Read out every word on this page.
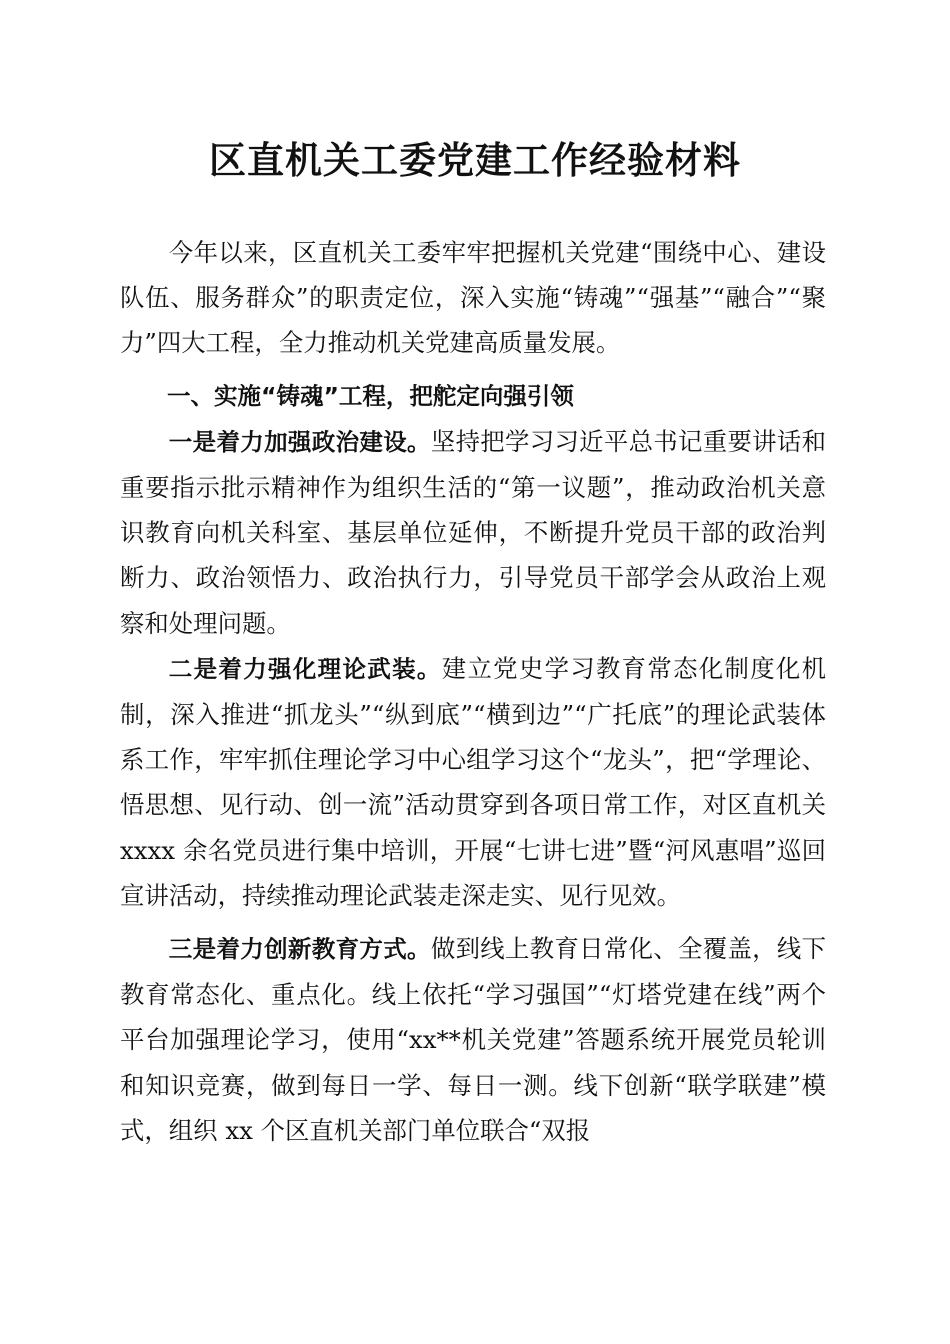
区直机关工委党建工作经验材料

今年以来，区直机关工委牢牢把握机关党建“围绕中心、建设队伍、服务群众”的职责定位，深入实施“铸魂”“强基”“融合”“聚力”四大工程，全力推动机关党建高质量发展。

一、实施“铸魂”工程，把舵定向强引领

一是着力加强政治建设。坚持把学习习近平总书记重要讲话和重要指示批示精神作为组织生活的“第一议题”，推动政治机关意识教育向机关科室、基层单位延伸，不断提升党员干部的政治判断力、政治领悟力、政治执行力，引导党员干部学会从政治上观察和处理问题。

二是着力强化理论武装。建立党史学习教育常态化制度化机制，深入推进“抓龙头”“纵到底”“横到边”“广托底”的理论武装体系工作，牢牢抓住理论学习中心组学习这个“龙头”，把“学理论、悟思想、见行动、创一流”活动贯穿到各项日常工作，对区直机关 xxxx 余名党员进行集中培训，开展“七讲七进”暨“河风惠唱”巡回宣讲活动，持续推动理论武装走深走实、见行见效。

三是着力创新教育方式。做到线上教育日常化、全覆盖，线下教育常态化、重点化。线上依托“学习强国”“灯塔党建在线”两个平台加强理论学习，使用“xx**机关党建”答题系统开展党员轮训和知识竞赛，做到每日一学、每日一测。线下创新“联学联建”模式，组织 xx 个区直机关部门单位联合“双报
